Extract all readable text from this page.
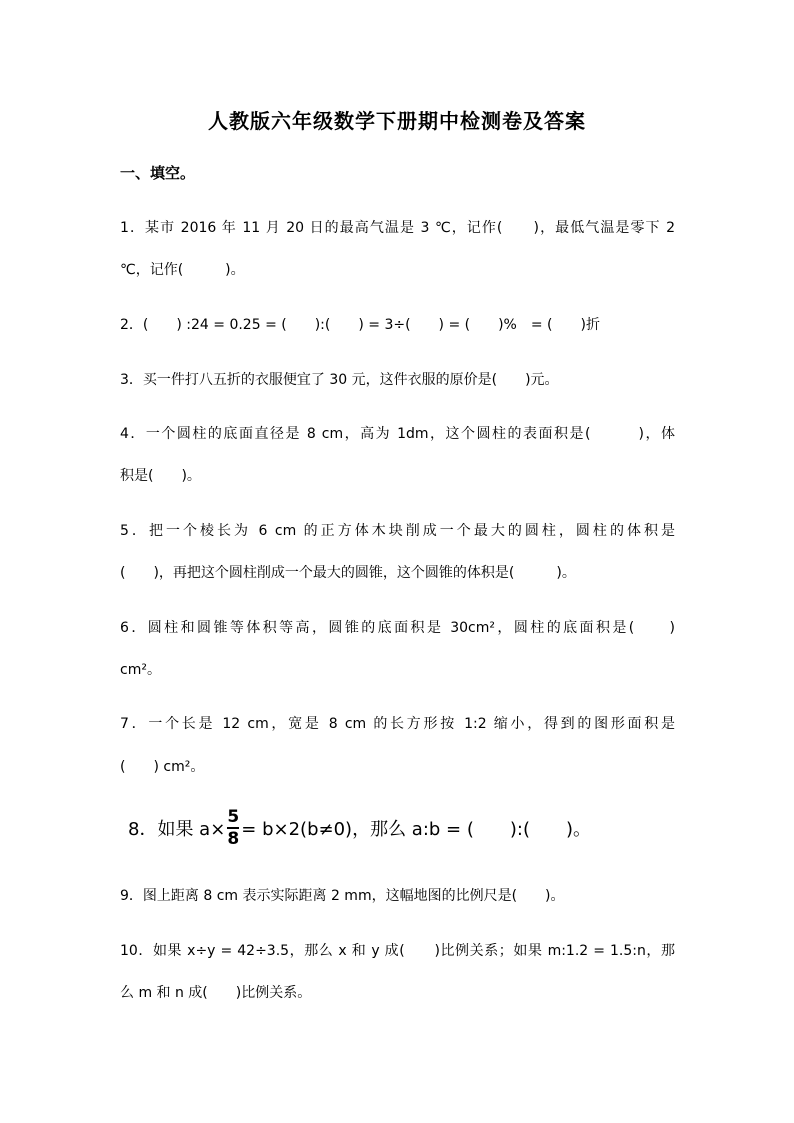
人教版六年级数学下册期中检测卷及答案
一、填空。
1．某市 2016 年 11 月 20 日的最高气温是 3 ℃，记作(　　)，最低气温是零下 2
℃，记作(　　　)。
2．(　　) :24 = 0.25 = (　　):(　　) = 3÷(　　) = (　　)%　= (　　)折
3．买一件打八五折的衣服便宜了 30 元，这件衣服的原价是(　　)元。
4．一个圆柱的底面直径是 8 cm，高为 1dm，这个圆柱的表面积是(　　　)，体
积是(　　)。
5．把一个棱长为 6 cm 的正方体木块削成一个最大的圆柱，圆柱的体积是
(　　)，再把这个圆柱削成一个最大的圆锥，这个圆锥的体积是(　　　)。
6．圆柱和圆锥等体积等高，圆锥的底面积是 30cm²，圆柱的底面积是(　　)
cm²。
7．一个长是 12 cm，宽是 8 cm 的长方形按 1:2 缩小，得到的图形面积是
(　　) cm²。
8．如果 $a\times \frac{5}{8} = b\times 2(b\ne 0)$，那么 a:b = (　　):(　　)。
9．图上距离 8 cm 表示实际距离 2 mm，这幅地图的比例尺是(　　)。
10．如果 x÷y = 42÷3.5，那么 x 和 y 成(　　)比例关系；如果 m:1.2 = 1.5:n，那
么 m 和 n 成(　　)比例关系。
